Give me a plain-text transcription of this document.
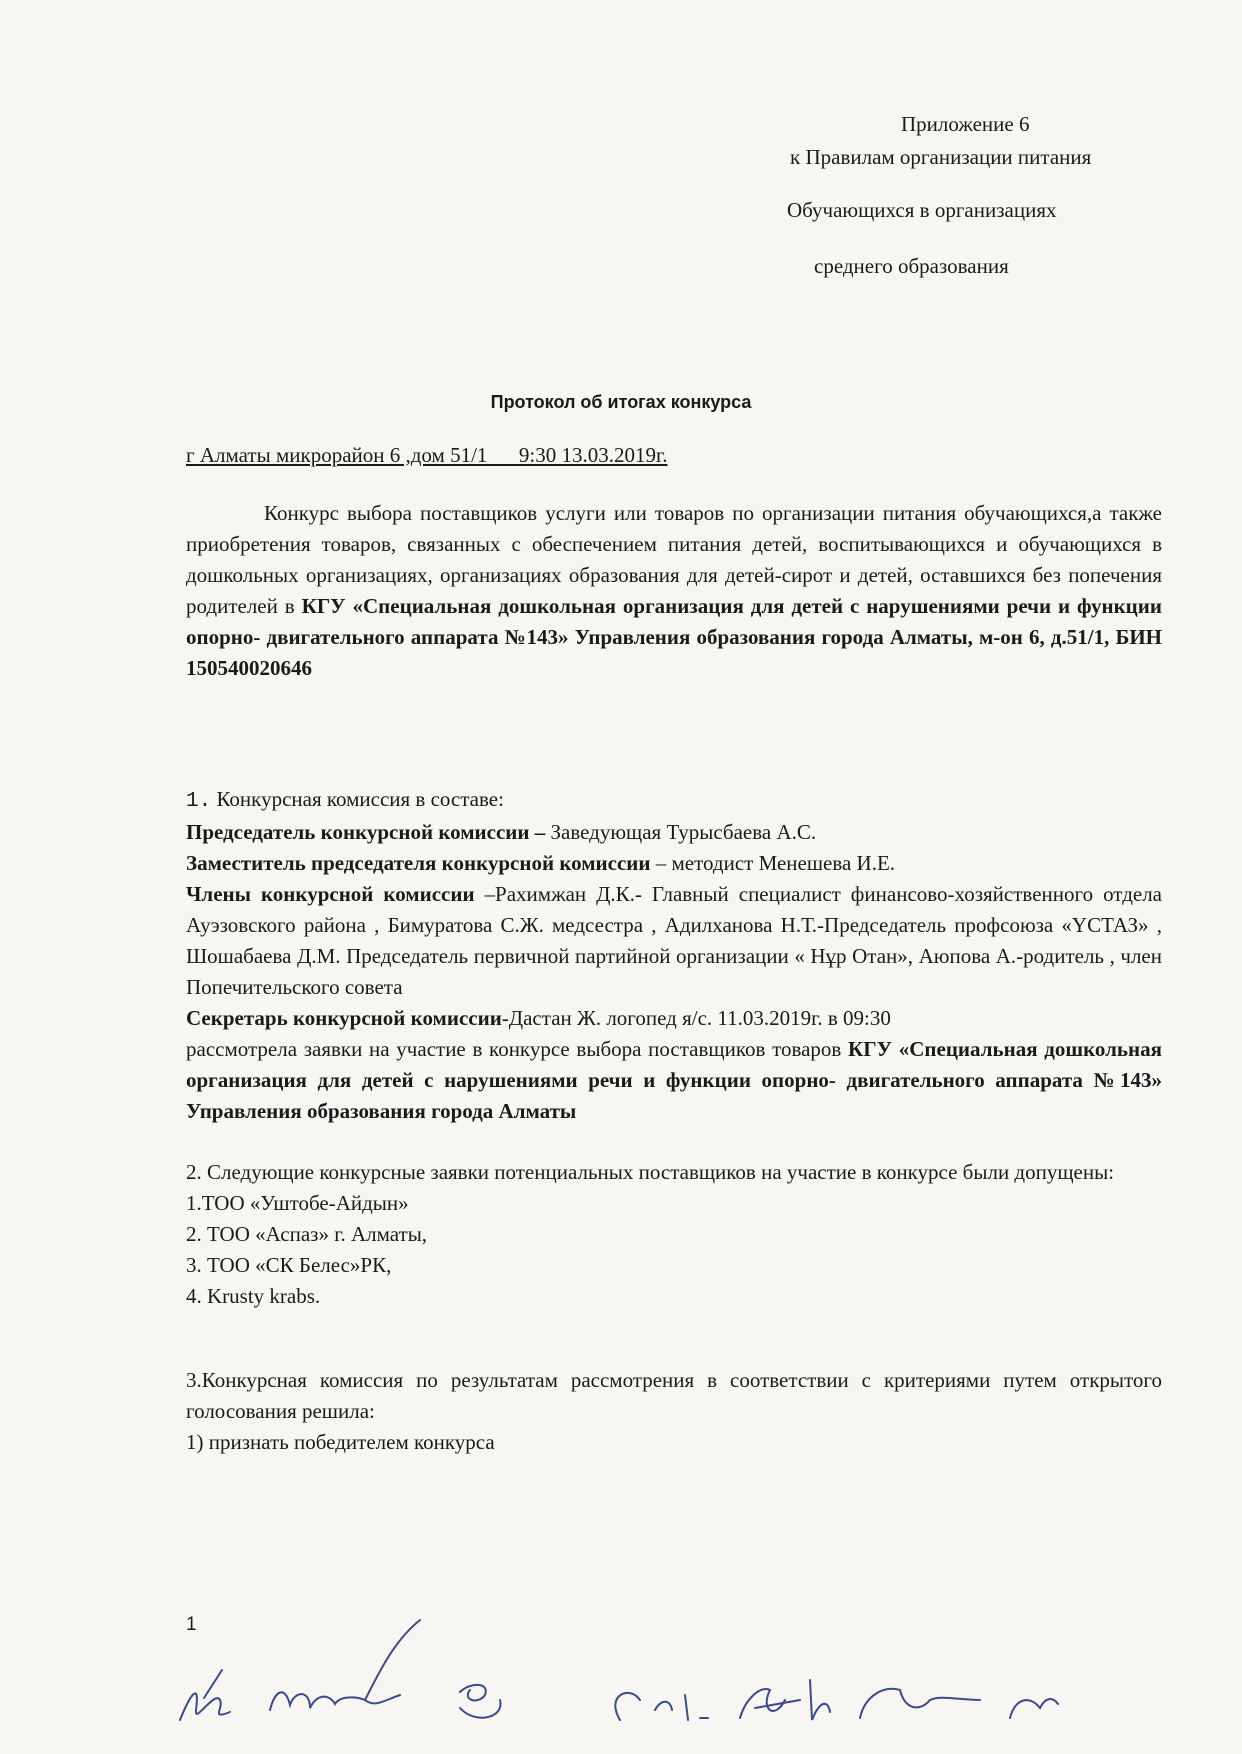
Приложение 6
к Правилам организации питания
Обучающихся в организациях
среднего образования
Протокол об итогах конкурса
г Алматы микрорайон 6 ,дом 51/1      9:30 13.03.2019г.
Конкурс выбора поставщиков услуги или товаров по организации питания обучающихся,а также приобретения товаров, связанных с обеспечением питания детей, воспитывающихся и обучающихся в дошкольных организациях, организациях образования для детей-сирот и детей, оставшихся без попечения родителей в КГУ «Специальная дошкольная организация для детей с нарушениями речи и функции опорно- двигательного аппарата №143» Управления образования города Алматы, м-он 6, д.51/1, БИН 150540020646
1. Конкурсная комиссия в составе:
Председатель конкурсной комиссии – Заведующая Турысбаева А.С.
Заместитель председателя конкурсной комиссии – методист Менешева И.Е.
Члены конкурсной комиссии –Рахимжан Д.К.- Главный специалист финансово-хозяйственного отдела Ауэзовского района , Бимуратова С.Ж. медсестра , Адилханова Н.Т.-Председатель профсоюза «ҮСТАЗ» , Шошабаева Д.М. Председатель первичной партийной организации « Нұр Отан», Аюпова А.-родитель , член Попечительского совета
Секретарь конкурсной комиссии-Дастан Ж. логопед я/с. 11.03.2019г. в 09:30
рассмотрела заявки на участие в конкурсе выбора поставщиков товаров КГУ «Специальная дошкольная организация для детей с нарушениями речи и функции опорно- двигательного аппарата №143» Управления образования города Алматы
2. Следующие конкурсные заявки потенциальных поставщиков на участие в конкурсе были допущены:
1.ТОО «Уштобе-Айдын»
2. ТОО «Аспаз» г. Алматы,
3. ТОО «СК Белес»РК,
4. Krusty krabs.
3.Конкурсная комиссия по результатам рассмотрения в соответствии с критериями путем открытого голосования решила:
1) признать победителем конкурса
1
